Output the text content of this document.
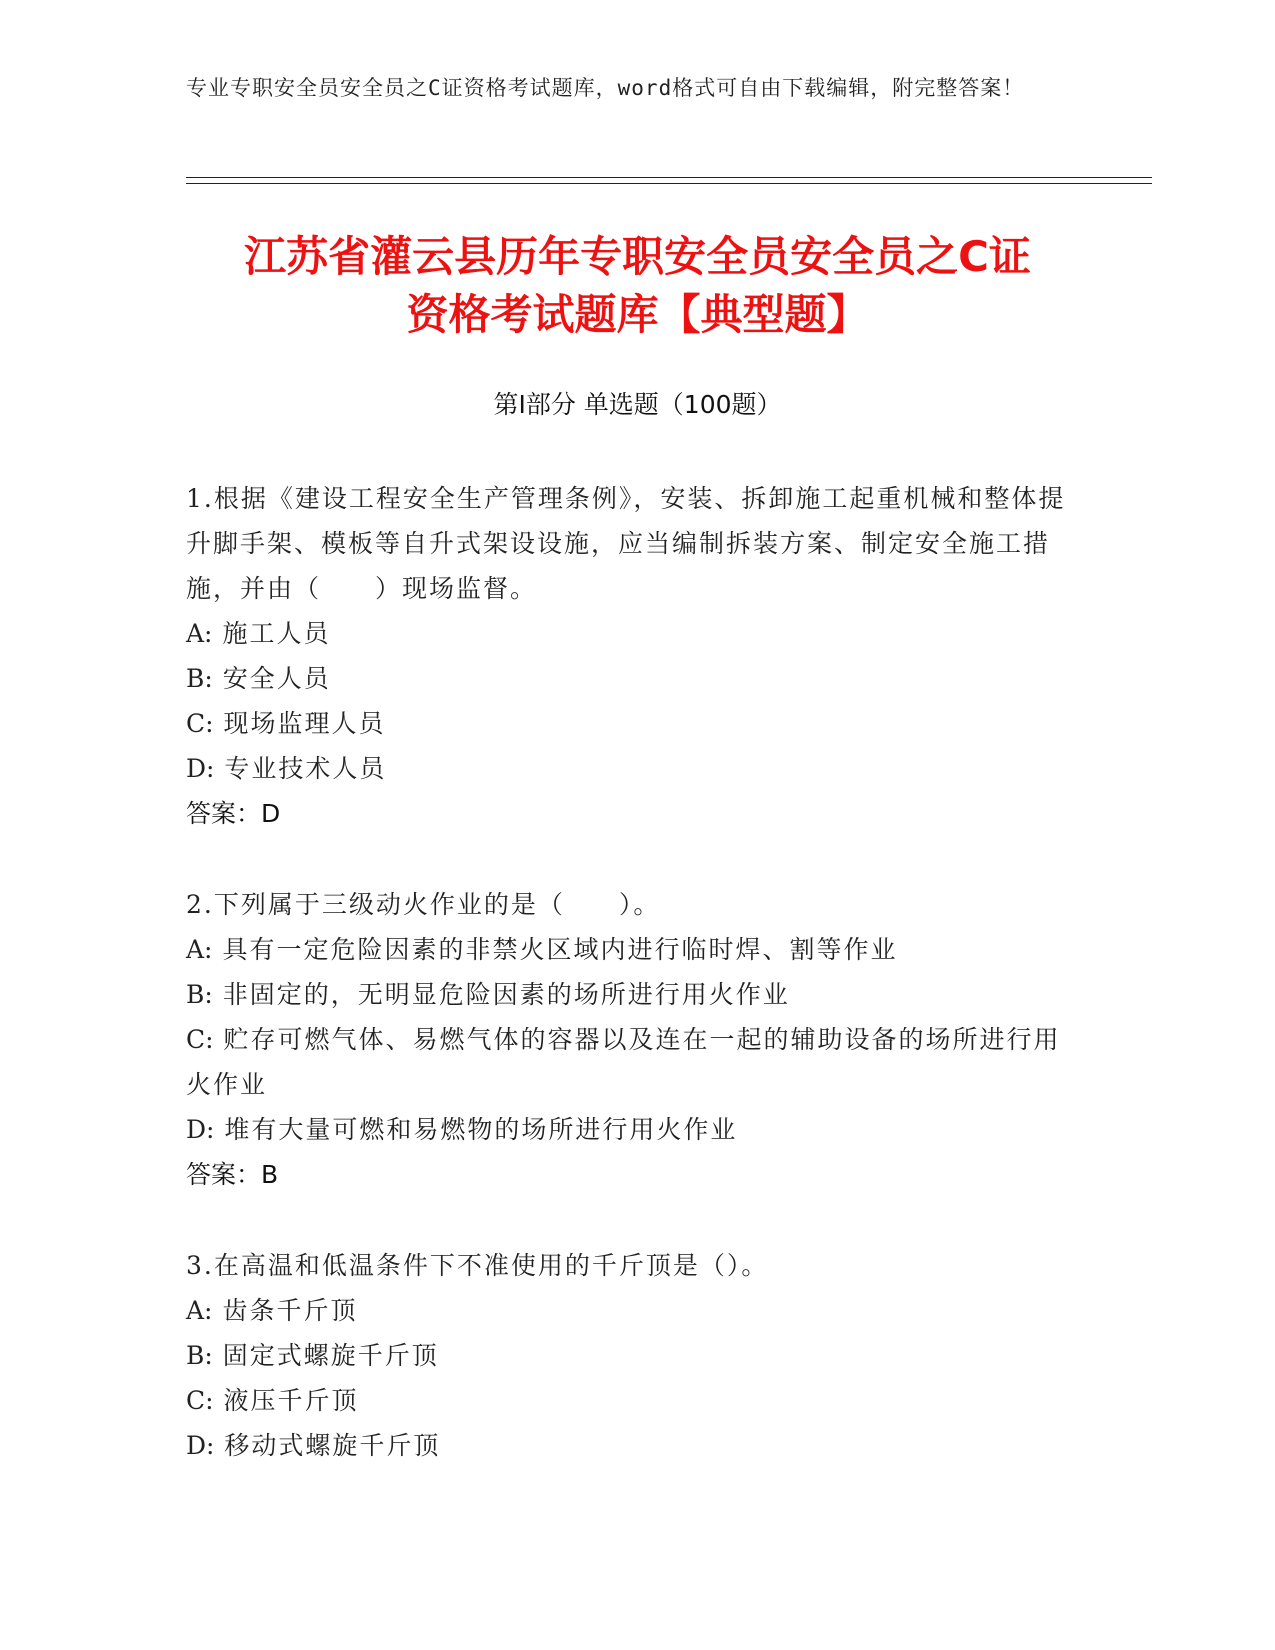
专业专职安全员安全员之C证资格考试题库，word格式可自由下载编辑，附完整答案！
江苏省灌云县历年专职安全员安全员之C证
资格考试题库【典型题】
第Ⅰ部分 单选题（100题）
1.根据《建设工程安全生产管理条例》，安装、拆卸施工起重机械和整体提升脚手架、模板等自升式架设设施，应当编制拆装方案、制定安全施工措施，并由（　　）现场监督。
A: 施工人员
B: 安全人员
C: 现场监理人员
D: 专业技术人员
答案：D
2.下列属于三级动火作业的是（　　）。
A: 具有一定危险因素的非禁火区域内进行临时焊、割等作业
B: 非固定的，无明显危险因素的场所进行用火作业
C: 贮存可燃气体、易燃气体的容器以及连在一起的辅助设备的场所进行用火作业
D: 堆有大量可燃和易燃物的场所进行用火作业
答案：B
3.在高温和低温条件下不准使用的千斤顶是（）。
A: 齿条千斤顶
B: 固定式螺旋千斤顶
C: 液压千斤顶
D: 移动式螺旋千斤顶
